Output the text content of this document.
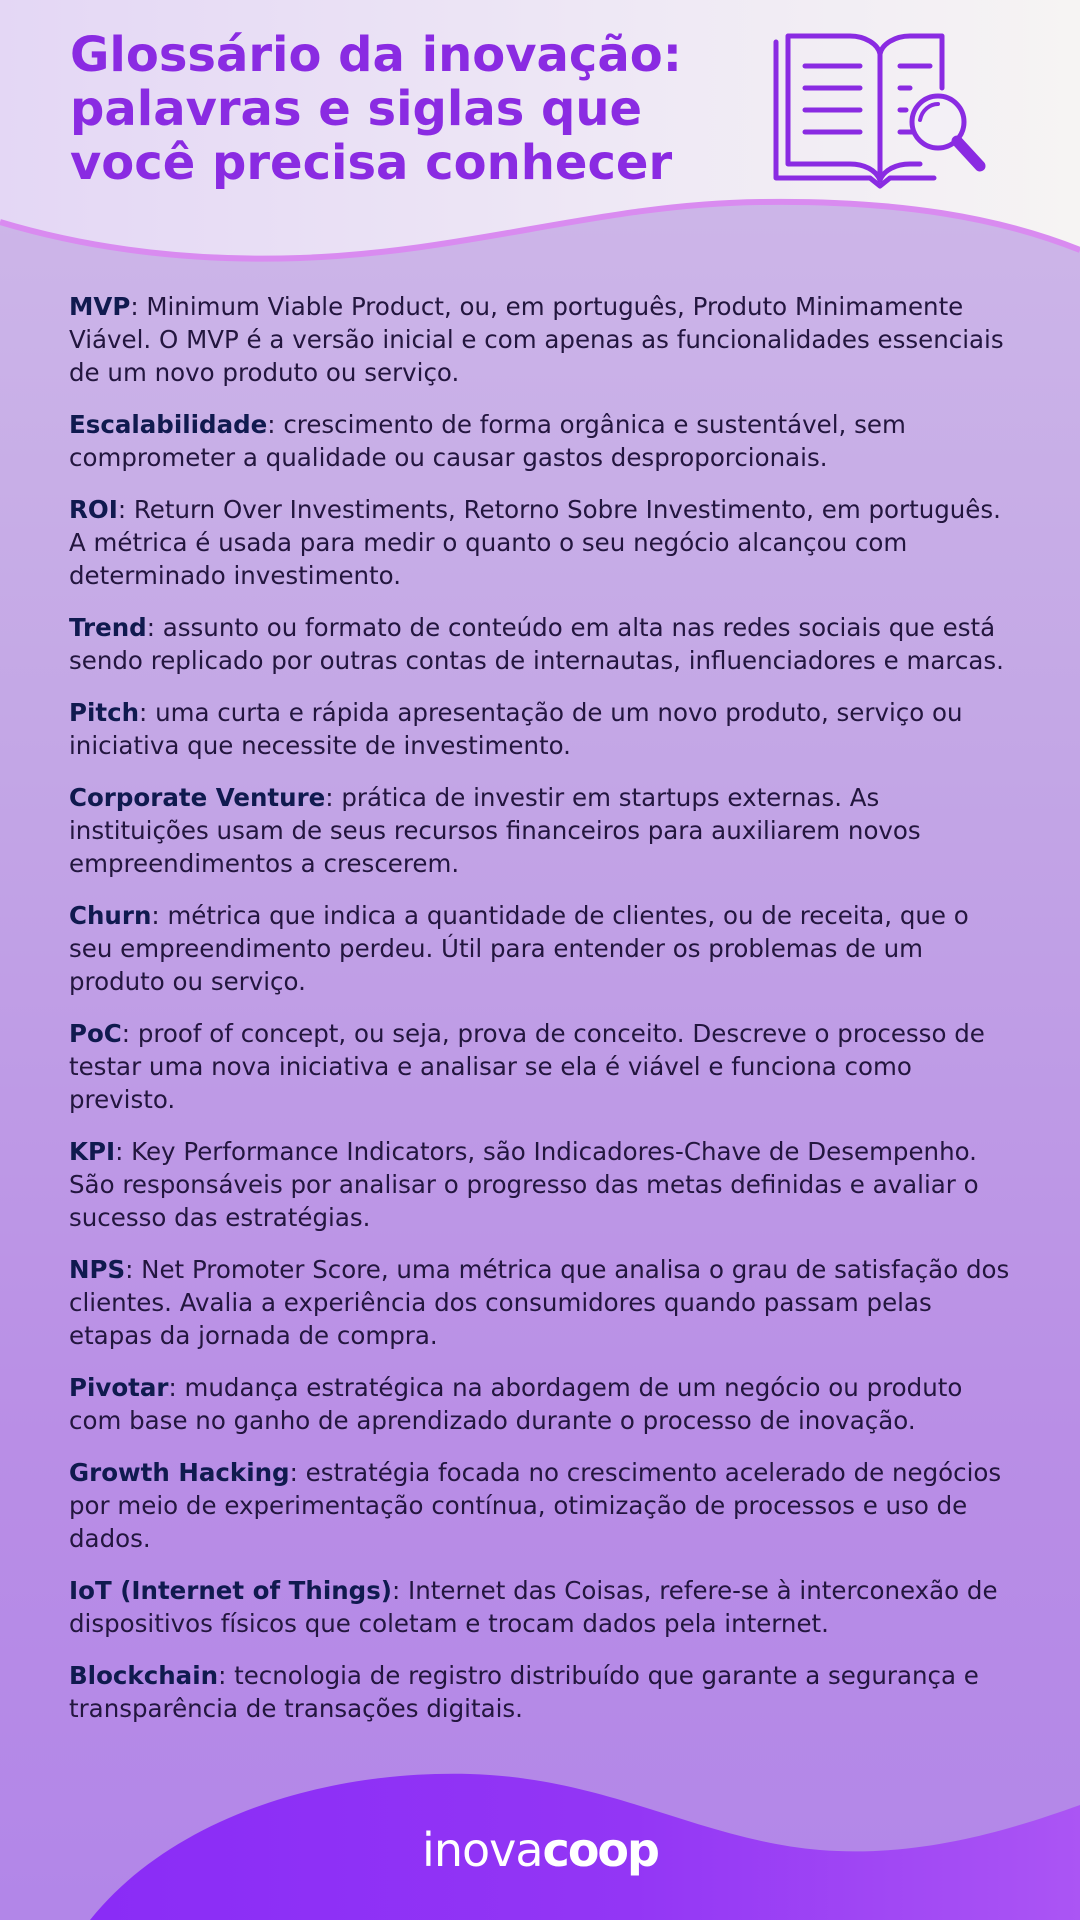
Glossário da inovação: palavras e siglas que você precisa conhecer

MVP: Minimum Viable Product, ou, em português, Produto Minimamente Viável. O MVP é a versão inicial e com apenas as funcionalidades essenciais de um novo produto ou serviço.

Escalabilidade: crescimento de forma orgânica e sustentável, sem comprometer a qualidade ou causar gastos desproporcionais.

ROI: Return Over Investiments, Retorno Sobre Investimento, em português. A métrica é usada para medir o quanto o seu negócio alcançou com determinado investimento.

Trend: assunto ou formato de conteúdo em alta nas redes sociais que está sendo replicado por outras contas de internautas, influenciadores e marcas.

Pitch: uma curta e rápida apresentação de um novo produto, serviço ou iniciativa que necessite de investimento.

Corporate Venture: prática de investir em startups externas. As instituições usam de seus recursos financeiros para auxiliarem novos empreendimentos a crescerem.

Churn: métrica que indica a quantidade de clientes, ou de receita, que o seu empreendimento perdeu. Útil para entender os problemas de um produto ou serviço.

PoC: proof of concept, ou seja, prova de conceito. Descreve o processo de testar uma nova iniciativa e analisar se ela é viável e funciona como previsto.

KPI: Key Performance Indicators, são Indicadores-Chave de Desempenho. São responsáveis por analisar o progresso das metas definidas e avaliar o sucesso das estratégias.

NPS: Net Promoter Score, uma métrica que analisa o grau de satisfação dos clientes. Avalia a experiência dos consumidores quando passam pelas etapas da jornada de compra.

Pivotar: mudança estratégica na abordagem de um negócio ou produto com base no ganho de aprendizado durante o processo de inovação.

Growth Hacking: estratégia focada no crescimento acelerado de negócios por meio de experimentação contínua, otimização de processos e uso de dados.

IoT (Internet of Things): Internet das Coisas, refere-se à interconexão de dispositivos físicos que coletam e trocam dados pela internet.

Blockchain: tecnologia de registro distribuído que garante a segurança e transparência de transações digitais.

inovacoop
